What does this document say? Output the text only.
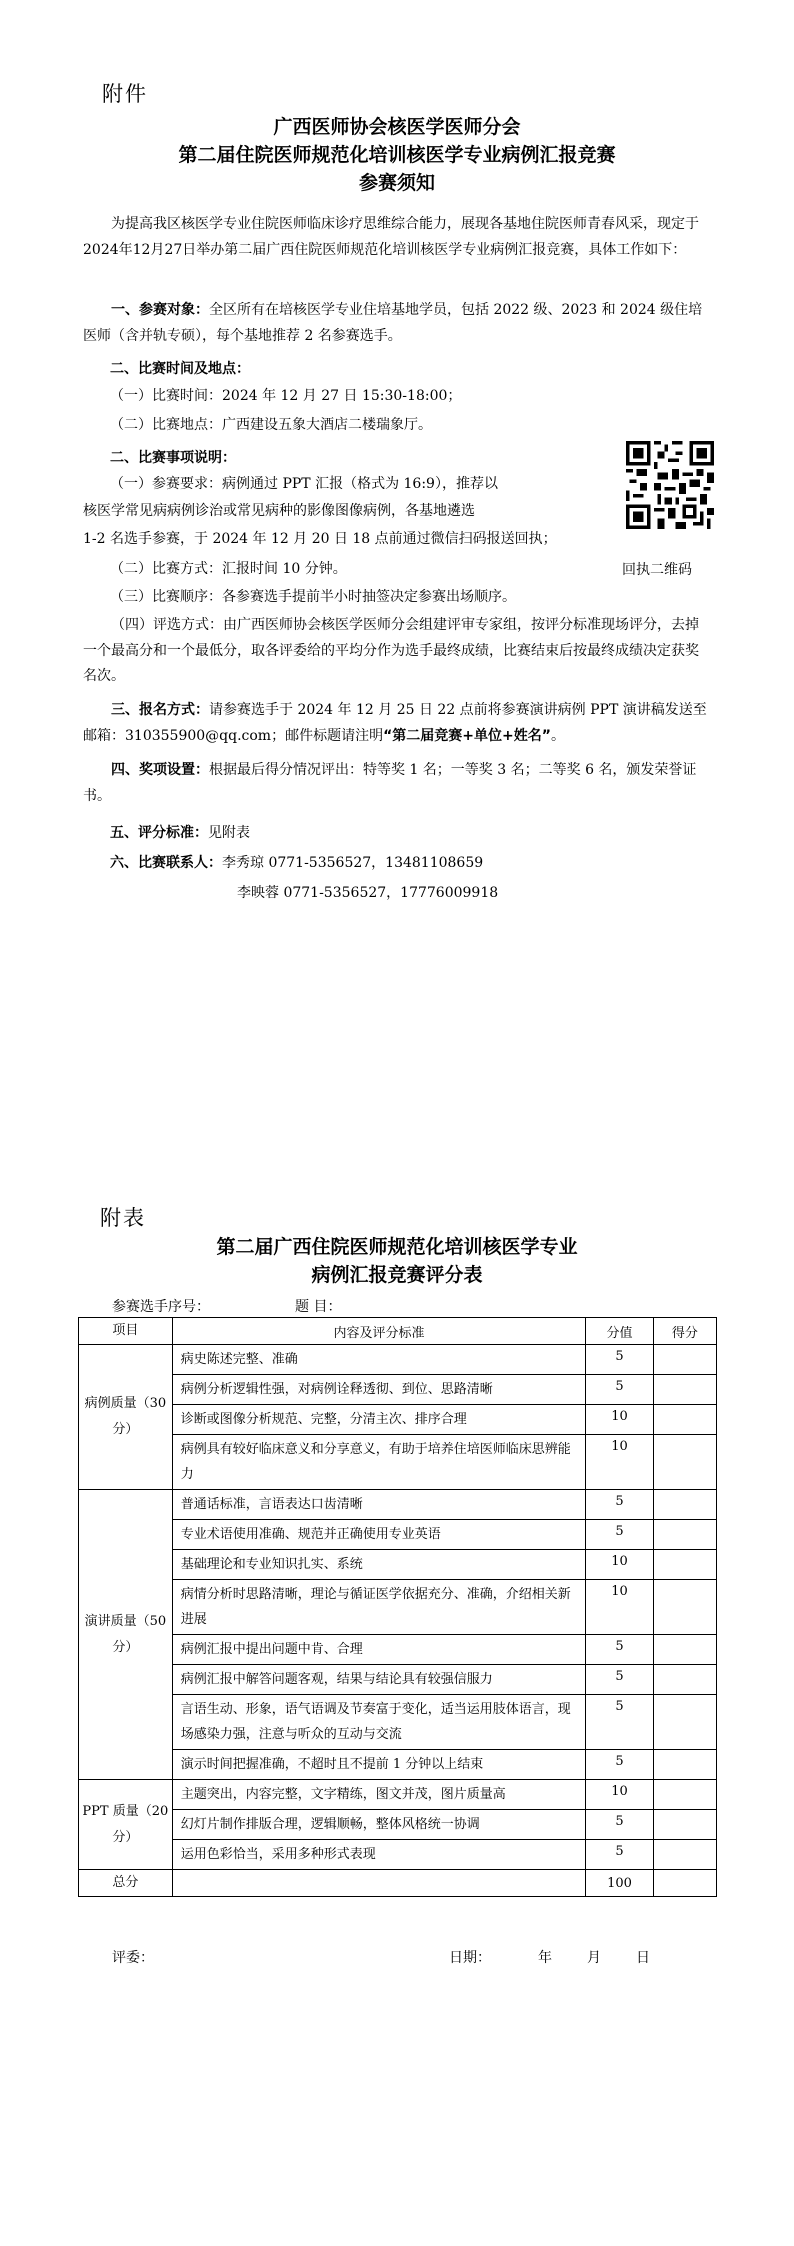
附件
广西医师协会核医学医师分会
第二届住院医师规范化培训核医学专业病例汇报竞赛
参赛须知
为提高我区核医学专业住院医师临床诊疗思维综合能力，展现各基地住院医师青春风采，现定于2024年12月27日举办第二届广西住院医师规范化培训核医学专业病例汇报竞赛，具体工作如下：
一、参赛对象：全区所有在培核医学专业住培基地学员，包括 2022 级、2023 和 2024 级住培医师（含并轨专硕），每个基地推荐 2 名参赛选手。
二、比赛时间及地点：
（一）比赛时间：2024 年 12 月 27 日 15:30-18:00；
（二）比赛地点：广西建设五象大酒店二楼瑞象厅。
二、比赛事项说明：
（一）参赛要求：病例通过 PPT 汇报（格式为 16:9），推荐以
核医学常见病病例诊治或常见病种的影像图像病例，各基地遴选
1-2 名选手参赛，于 2024 年 12 月 20 日 18 点前通过微信扫码报送回执；
（二）比赛方式：汇报时间 10 分钟。	回执二维码
（三）比赛顺序：各参赛选手提前半小时抽签决定参赛出场顺序。
（四）评选方式：由广西医师协会核医学医师分会组建评审专家组，按评分标准现场评分，去掉一个最高分和一个最低分，取各评委给的平均分作为选手最终成绩，比赛结束后按最终成绩决定获奖名次。
三、报名方式：请参赛选手于 2024 年 12 月 25 日 22 点前将参赛演讲病例 PPT 演讲稿发送至邮箱：310355900@qq.com；邮件标题请注明“第二届竞赛+单位+姓名”。
四、奖项设置：根据最后得分情况评出：特等奖 1 名；一等奖 3 名；二等奖 6 名，颁发荣誉证书。
五、评分标准：见附表
六、比赛联系人：李秀琼 0771-5356527，13481108659
李映蓉 0771-5356527，17776009918
附表
第二届广西住院医师规范化培训核医学专业
病例汇报竞赛评分表
参赛选手序号：	题 目：
项目	内容及评分标准	分值	得分
病例质量（30 分）	病史陈述完整、准确	5	
	病例分析逻辑性强，对病例诠释透彻、到位、思路清晰	5	
	诊断或图像分析规范、完整，分清主次、排序合理	10	
	病例具有较好临床意义和分享意义，有助于培养住培医师临床思辨能力	10	
演讲质量（50 分）	普通话标准，言语表达口齿清晰	5	
	专业术语使用准确、规范并正确使用专业英语	5	
	基础理论和专业知识扎实、系统	10	
	病情分析时思路清晰，理论与循证医学依据充分、准确，介绍相关新进展	10	
	病例汇报中提出问题中肯、合理	5	
	病例汇报中解答问题客观，结果与结论具有较强信服力	5	
	言语生动、形象，语气语调及节奏富于变化，适当运用肢体语言，现场感染力强，注意与听众的互动与交流	5	
	演示时间把握准确，不超时且不提前 1 分钟以上结束	5	
PPT 质量（20 分）	主题突出，内容完整，文字精练，图文并茂，图片质量高	10	
	幻灯片制作排版合理，逻辑顺畅，整体风格统一协调	5	
	运用色彩恰当，采用多种形式表现	5	
总分		100	
评委：	日期：	年	月	日
